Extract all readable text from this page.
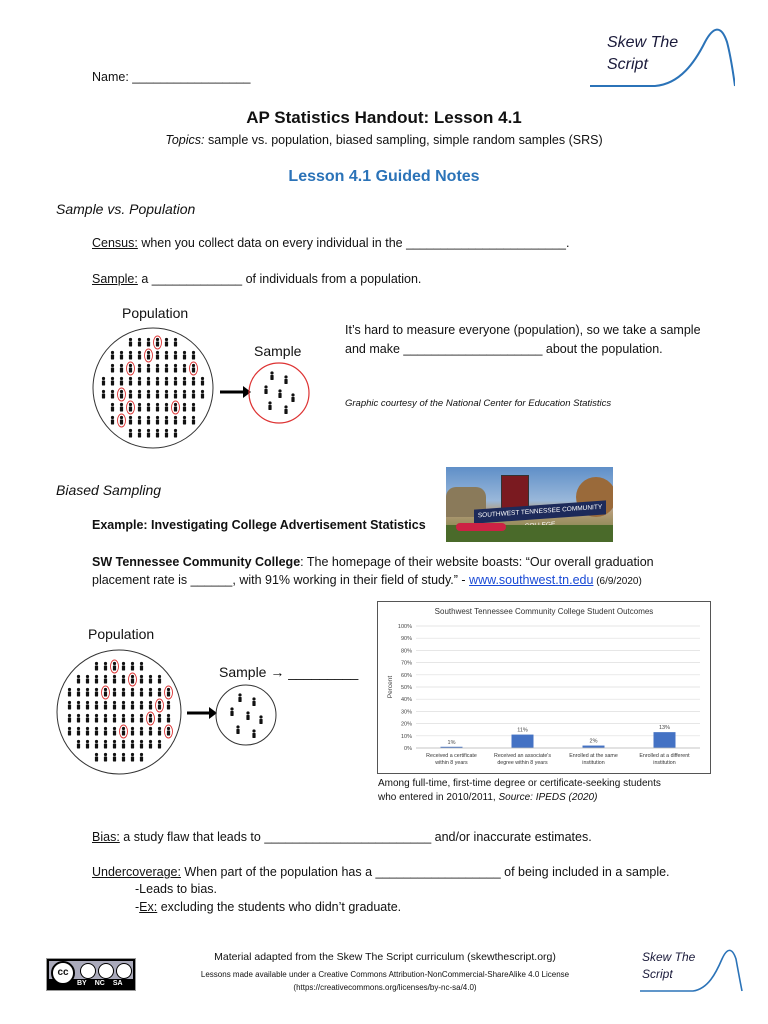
Skew The
Script
Name: _________________
AP Statistics Handout: Lesson 4.1
Topics: sample vs. population, biased sampling, simple random samples (SRS)
Lesson 4.1 Guided Notes
Sample vs. Population
Census: when you collect data on every individual in the _______________________.
Sample: a _____________ of individuals from a population.
Population
Sample
It’s hard to measure everyone (population), so we take a sample
and make ____________________ about the population.
Graphic courtesy of the National Center for Education Statistics
Biased Sampling
SOUTHWEST TENNESSEE COMMUNITY
Example: Investigating College Advertisement Statistics
SW Tennessee Community College: The homepage of their website boasts: “Our overall graduation
placement rate is ______, with 91% working in their field of study.” - www.southwest.tn.edu (6/9/2020)
Population
Sample → _________
Southwest Tennessee Community College Student Outcomes
0%
10%
20%
30%
40%
50%
60%
70%
80%
90%
100%
Percent
1%
Received a certificate
within 8 years
11%
Received an associate's
degree within 8 years
2%
Enrolled at the same
institution
13%
Enrolled at a different
institution
Among full-time, first-time degree or certificate-seeking students
who entered in 2010/2011, Source: IPEDS (2020)
Bias: a study flaw that leads to ________________________ and/or inaccurate estimates.
Undercoverage: When part of the population has a __________________ of being included in a sample.
-Leads to bias.
-Ex: excluding the students who didn’t graduate.
cc
BY NC SA
Material adapted from the Skew The Script curriculum (skewthescript.org)
Lessons made available under a Creative Commons Attribution-NonCommercial-ShareAlike 4.0 License
(https://creativecommons.org/licenses/by-nc-sa/4.0)
Skew The
Script
